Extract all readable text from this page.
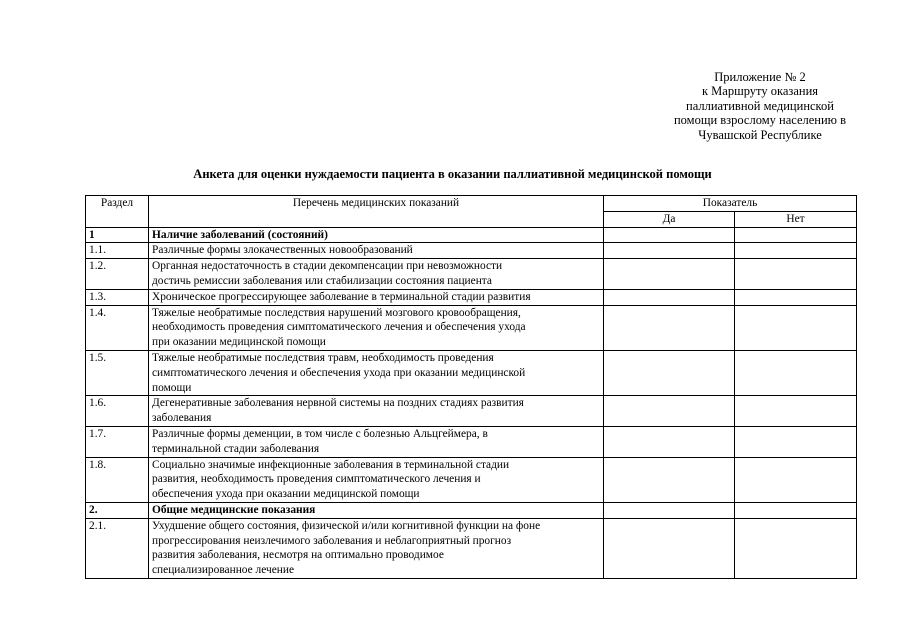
Приложение № 2
к Маршруту оказания
паллиативной медицинской
помощи взрослому населению в
Чувашской Республике
Анкета для оценки нуждаемости пациента в оказании паллиативной медицинской помощи
Раздел	Перечень медицинских показаний	Показатель	
		Да	Нет
1	Наличие заболеваний (состояний)		

1.1.	Различные формы злокачественных новообразований		

1.2.	Органная недостаточность в стадии декомпенсации при невозможности
достичь ремиссии заболевания или стабилизации состояния пациента		

1.3.	Хроническое прогрессирующее заболевание в терминальной стадии развития		

1.4.	Тяжелые необратимые последствия нарушений мозгового кровообращения,
необходимость проведения симптоматического лечения и обеспечения ухода
при оказании медицинской помощи		

1.5.	Тяжелые необратимые последствия травм, необходимость проведения
симптоматического лечения и обеспечения ухода при оказании медицинской
помощи		

1.6.	Дегенеративные заболевания нервной системы на поздних стадиях развития
заболевания		

1.7.	Различные формы деменции, в том числе с болезнью Альцгеймера, в
терминальной стадии заболевания		

1.8.	Социально значимые инфекционные заболевания в терминальной стадии
развития, необходимость проведения симптоматического лечения и
обеспечения ухода при оказании медицинской помощи		

2.	Общие медицинские показания		

2.1.	Ухудшение общего состояния, физической и/или когнитивной функции на фоне
прогрессирования неизлечимого заболевания и неблагоприятный прогноз
развития заболевания, несмотря на оптимально проводимое
специализированное лечение		
